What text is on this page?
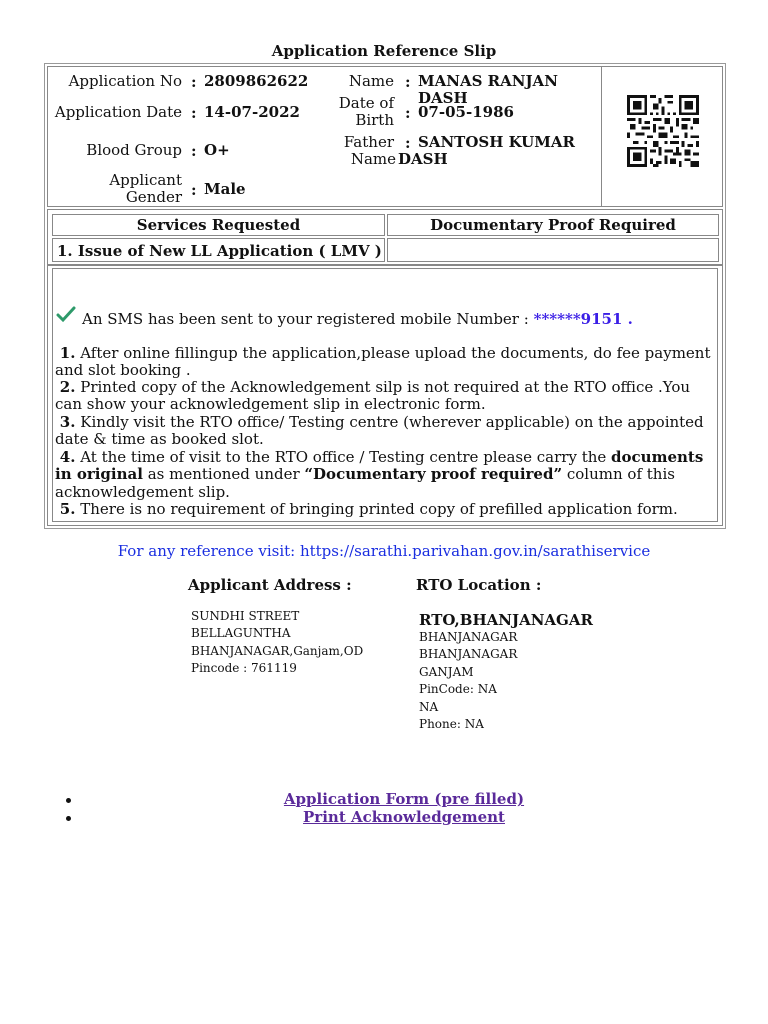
Application Reference Slip
Application No : 2809862622
Application Date : 14-07-2022
Blood Group : O+
Applicant
Gender : Male
Name : MANAS RANJAN DASH
Date of
Birth : 07-05-1986
Father
Name
: SANTOSH KUMAR
DASH
Services Requested	Documentary Proof Required
1. Issue of New LL Application ( LMV )
An SMS has been sent to your registered mobile Number : ******9151 .
1. After online fillingup the application,please upload the documents, do fee payment and slot booking .
2. Printed copy of the Acknowledgement silp is not required at the RTO office .You can show your acknowledgement slip in electronic form.
3. Kindly visit the RTO office/ Testing centre (wherever applicable) on the appointed date & time as booked slot.
4. At the time of visit to the RTO office / Testing centre please carry the documents in original as mentioned under “Documentary proof required” column of this acknowledgement slip.
5. There is no requirement of bringing printed copy of prefilled application form.
For any reference visit: https://sarathi.parivahan.gov.in/sarathiservice
Applicant Address :
SUNDHI STREET
BELLAGUNTHA
BHANJANAGAR,Ganjam,OD
Pincode : 761119
RTO Location :
RTO,BHANJANAGAR
BHANJANAGAR
BHANJANAGAR
GANJAM
PinCode: NA
NA
Phone: NA
Application Form (pre filled)
Print Acknowledgement
